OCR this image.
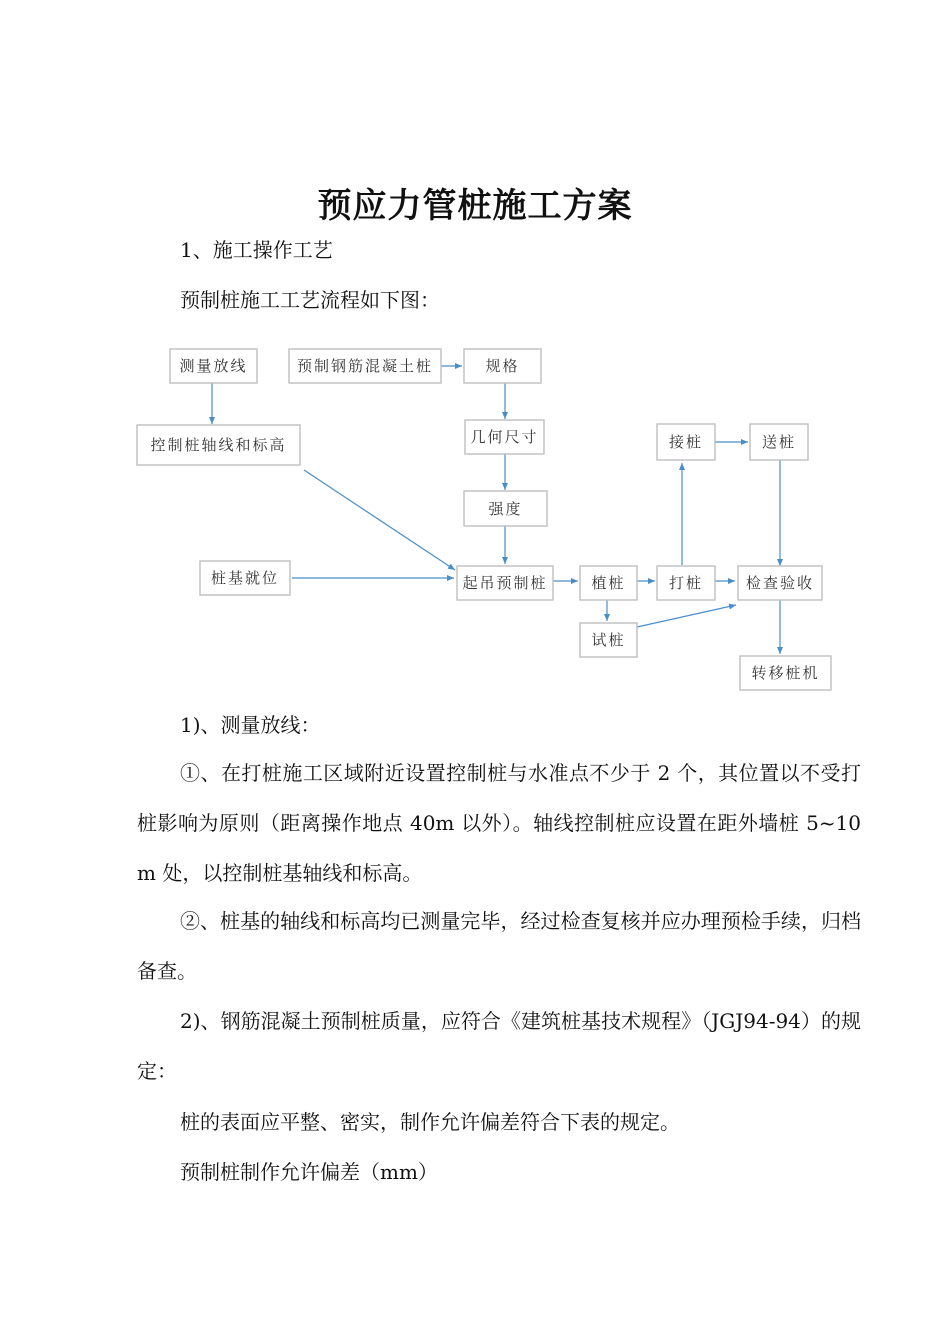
预应力管桩施工方案
1、施工操作工艺
预制桩施工工艺流程如下图：
测量放线	预制钢筋混凝土桩	规格
控制桩轴线和标高	几何尺寸
强度
接桩	送桩
桩基就位	起吊预制桩	植桩	打桩	检查验收
试桩
转移桩机
1)、测量放线：
①、在打桩施工区域附近设置控制桩与水准点不少于 2 个，其位置以不受打桩影响为原则（距离操作地点 40m 以外）。轴线控制桩应设置在距外墙桩 5~10m 处，以控制桩基轴线和标高。
②、桩基的轴线和标高均已测量完毕，经过检查复核并应办理预检手续，归档备查。
2)、钢筋混凝土预制桩质量，应符合《建筑桩基技术规程》（JGJ94-94）的规定：
桩的表面应平整、密实，制作允许偏差符合下表的规定。
预制桩制作允许偏差（mm）
